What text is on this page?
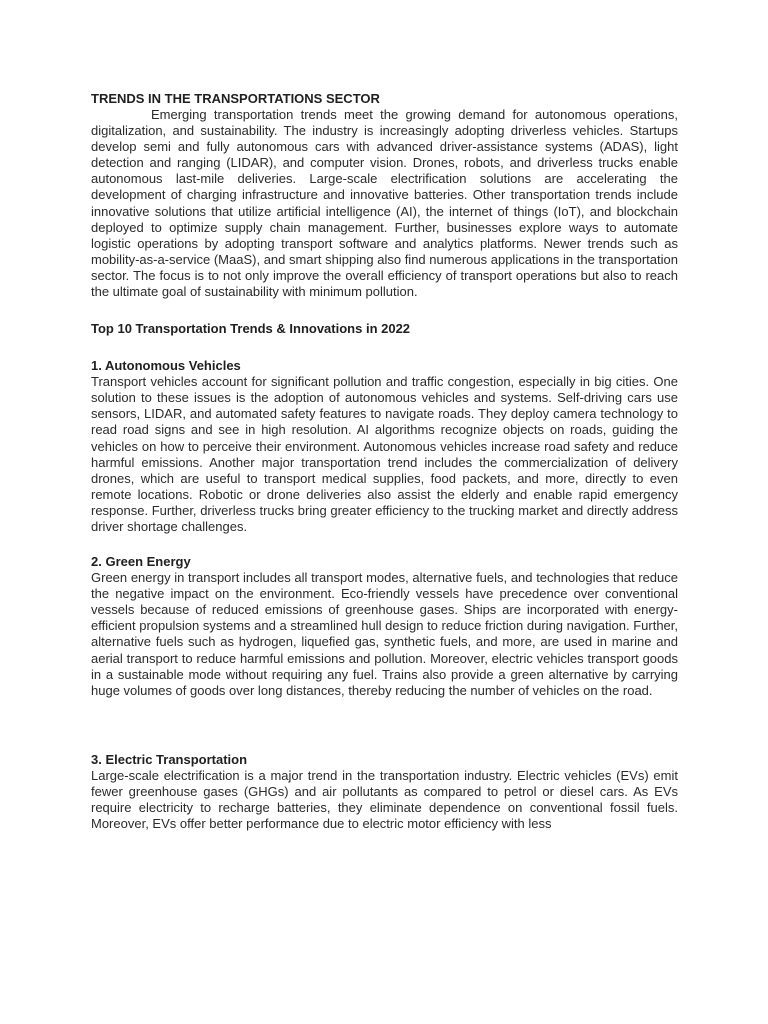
TRENDS IN THE TRANSPORTATIONS SECTOR

Emerging transportation trends meet the growing demand for autonomous operations, digitalization, and sustainability. The industry is increasingly adopting driverless vehicles. Startups develop semi and fully autonomous cars with advanced driver-assistance systems (ADAS), light detection and ranging (LIDAR), and computer vision. Drones, robots, and driverless trucks enable autonomous last-mile deliveries. Large-scale electrification solutions are accelerating the development of charging infrastructure and innovative batteries. Other transportation trends include innovative solutions that utilize artificial intelligence (AI), the internet of things (IoT), and blockchain deployed to optimize supply chain management. Further, businesses explore ways to automate logistic operations by adopting transport software and analytics platforms. Newer trends such as mobility-as-a-service (MaaS), and smart shipping also find numerous applications in the transportation sector. The focus is to not only improve the overall efficiency of transport operations but also to reach the ultimate goal of sustainability with minimum pollution.

Top 10 Transportation Trends & Innovations in 2022
1. Autonomous Vehicles

Transport vehicles account for significant pollution and traffic congestion, especially in big cities. One solution to these issues is the adoption of autonomous vehicles and systems. Self-driving cars use sensors, LIDAR, and automated safety features to navigate roads. They deploy camera technology to read road signs and see in high resolution. AI algorithms recognize objects on roads, guiding the vehicles on how to perceive their environment. Autonomous vehicles increase road safety and reduce harmful emissions. Another major transportation trend includes the commercialization of delivery drones, which are useful to transport medical supplies, food packets, and more, directly to even remote locations. Robotic or drone deliveries also assist the elderly and enable rapid emergency response. Further, driverless trucks bring greater efficiency to the trucking market and directly address driver shortage challenges.

2. Green Energy

Green energy in transport includes all transport modes, alternative fuels, and technologies that reduce the negative impact on the environment. Eco-friendly vessels have precedence over conventional vessels because of reduced emissions of greenhouse gases. Ships are incorporated with energy-efficient propulsion systems and a streamlined hull design to reduce friction during navigation. Further, alternative fuels such as hydrogen, liquefied gas, synthetic fuels, and more, are used in marine and aerial transport to reduce harmful emissions and pollution. Moreover, electric vehicles transport goods in a sustainable mode without requiring any fuel. Trains also provide a green alternative by carrying huge volumes of goods over long distances, thereby reducing the number of vehicles on the road.

3. Electric Transportation

Large-scale electrification is a major trend in the transportation industry. Electric vehicles (EVs) emit fewer greenhouse gases (GHGs) and air pollutants as compared to petrol or diesel cars. As EVs require electricity to recharge batteries, they eliminate dependence on conventional fossil fuels. Moreover, EVs offer better performance due to electric motor efficiency with less
